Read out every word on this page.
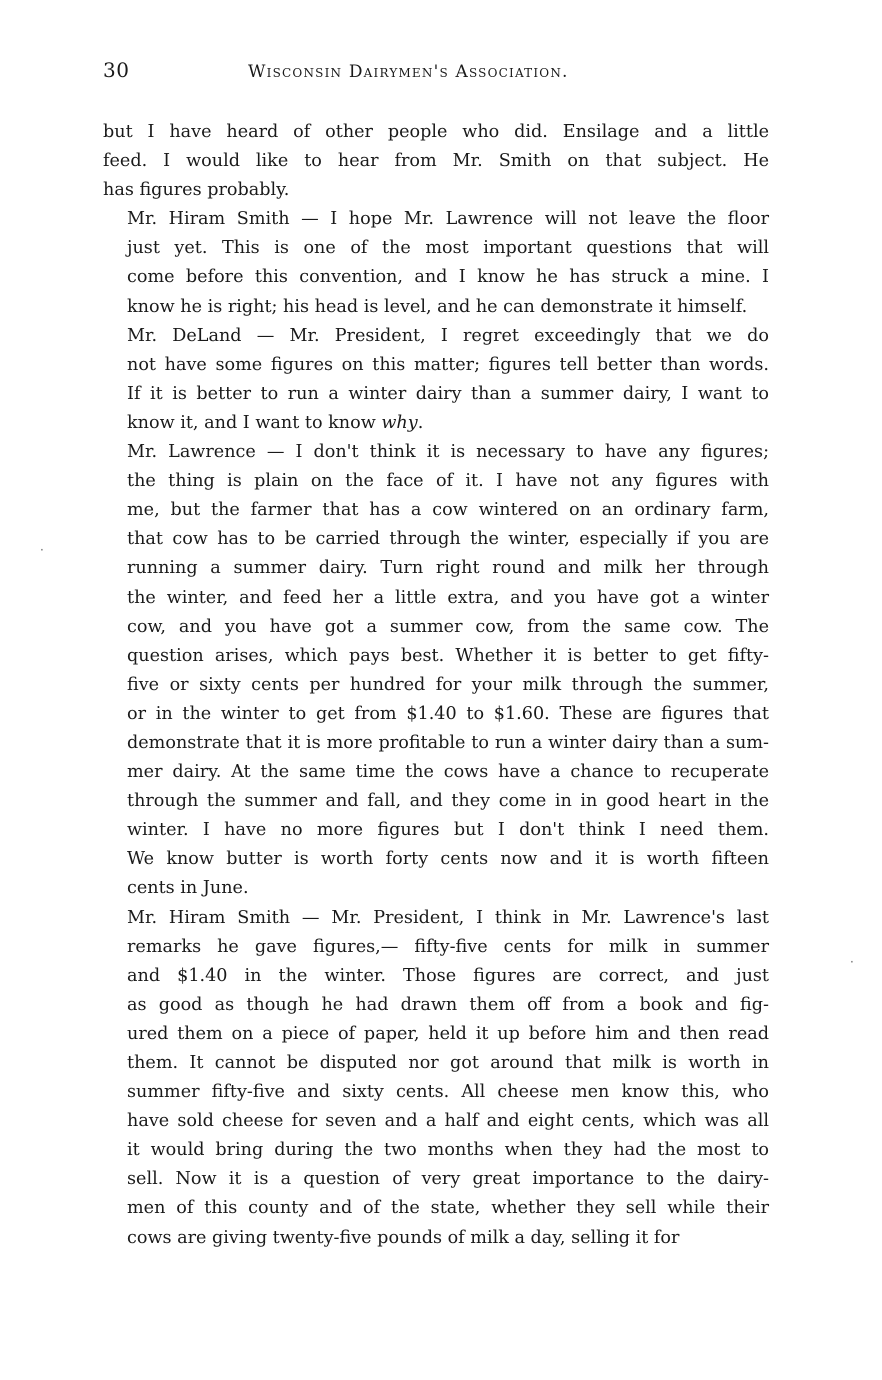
30	Wisconsin Dairymen's Association.

but I have heard of other people who did. Ensilage and a little
feed. I would like to hear from Mr. Smith on that subject. He
has figures probably.

Mr. Hiram Smith — I hope Mr. Lawrence will not leave the floor
just yet. This is one of the most important questions that will
come before this convention, and I know he has struck a mine. I
know he is right; his head is level, and he can demonstrate it himself.

Mr. DeLand — Mr. President, I regret exceedingly that we do
not have some figures on this matter; figures tell better than words.
If it is better to run a winter dairy than a summer dairy, I want to
know it, and I want to know why.

Mr. Lawrence — I don't think it is necessary to have any figures;
the thing is plain on the face of it. I have not any figures with
me, but the farmer that has a cow wintered on an ordinary farm,
that cow has to be carried through the winter, especially if you are
running a summer dairy. Turn right round and milk her through
the winter, and feed her a little extra, and you have got a winter
cow, and you have got a summer cow, from the same cow. The
question arises, which pays best. Whether it is better to get fifty-
five or sixty cents per hundred for your milk through the summer,
or in the winter to get from $1.40 to $1.60. These are figures that
demonstrate that it is more profitable to run a winter dairy than a sum-
mer dairy. At the same time the cows have a chance to recuperate
through the summer and fall, and they come in in good heart in the
winter. I have no more figures but I don't think I need them.
We know butter is worth forty cents now and it is worth fifteen
cents in June.

Mr. Hiram Smith — Mr. President, I think in Mr. Lawrence's last
remarks he gave figures,— fifty-five cents for milk in summer
and $1.40 in the winter. Those figures are correct, and just
as good as though he had drawn them off from a book and fig-
ured them on a piece of paper, held it up before him and then read
them. It cannot be disputed nor got around that milk is worth in
summer fifty-five and sixty cents. All cheese men know this, who
have sold cheese for seven and a half and eight cents, which was all
it would bring during the two months when they had the most to
sell. Now it is a question of very great importance to the dairy-
men of this county and of the state, whether they sell while their
cows are giving twenty-five pounds of milk a day, selling it for

·
·
